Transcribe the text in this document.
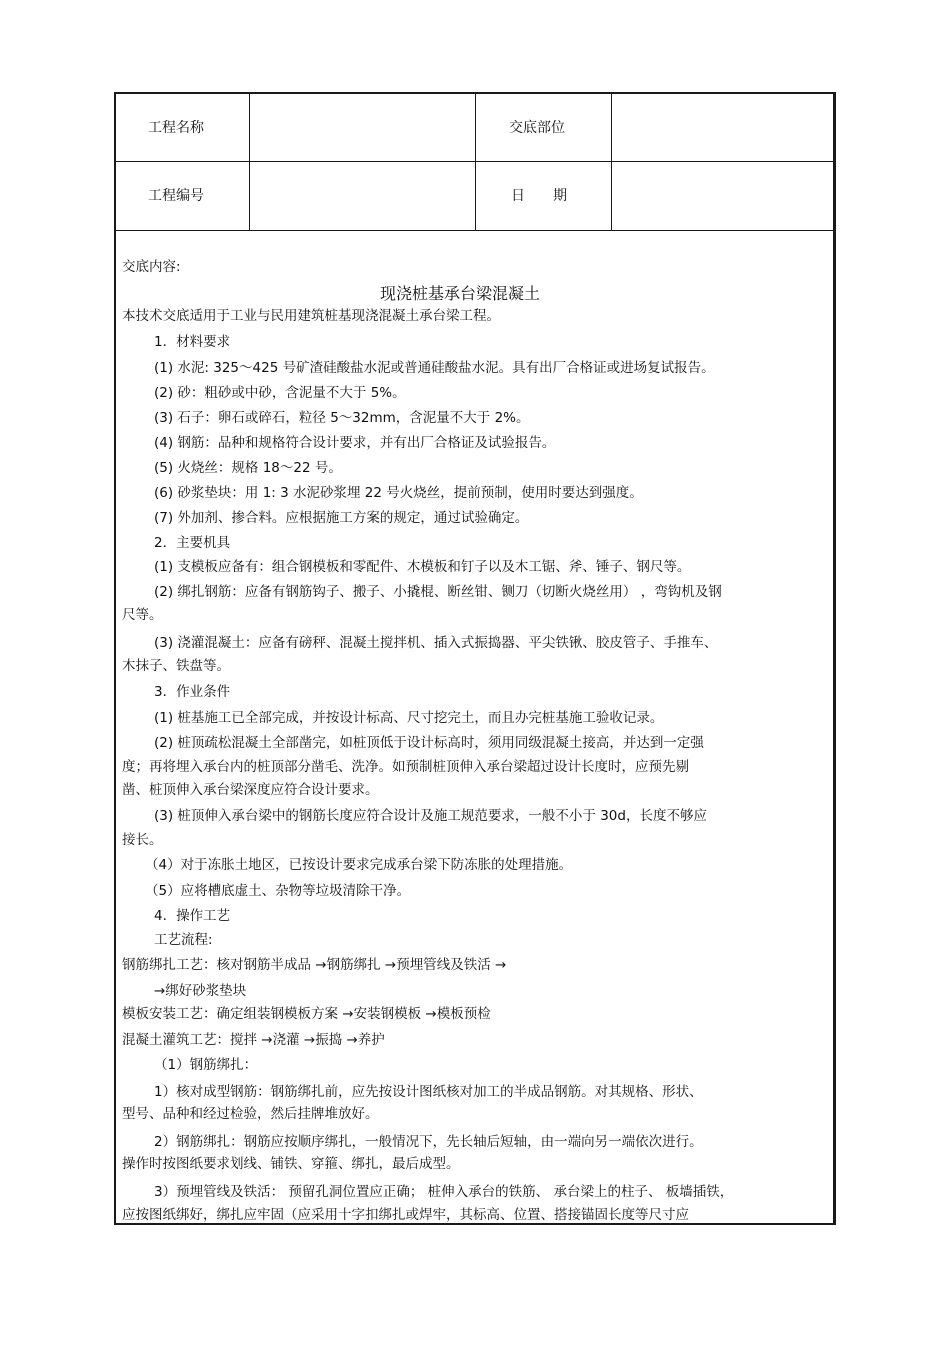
工程名称	交底部位
工程编号	日　　期
交底内容:
现浇桩基承台梁混凝土
本技术交底适用于工业与民用建筑桩基现浇混凝土承台梁工程。
1．材料要求
(1) 水泥: 325～425 号矿渣硅酸盐水泥或普通硅酸盐水泥。具有出厂合格证或进场复试报告。
(2) 砂：粗砂或中砂，含泥量不大于 5%。
(3) 石子：卵石或碎石，粒径 5～32mm，含泥量不大于 2%。
(4) 钢筋：品种和规格符合设计要求，并有出厂合格证及试验报告。
(5) 火烧丝：规格 18～22 号。
(6) 砂浆垫块：用 1: 3 水泥砂浆埋 22 号火烧丝，提前预制，使用时要达到强度。
(7) 外加剂、掺合料。应根据施工方案的规定，通过试验确定。
2．主要机具
(1) 支模板应备有：组合钢模板和零配件、木模板和钉子以及木工锯、斧、锤子、钢尺等。
(2) 绑扎钢筋：应备有钢筋钩子、搬子、小撬棍、断丝钳、铡刀（切断火烧丝用） ，弯钩机及钢
尺等。
(3) 浇灌混凝土：应备有磅秤、混凝土搅拌机、插入式振捣器、平尖铁锹、胶皮管子、手推车、
木抹子、铁盘等。
3．作业条件
(1) 桩基施工已全部完成，并按设计标高、尺寸挖完土，而且办完桩基施工验收记录。
(2) 桩顶疏松混凝土全部凿完，如桩顶低于设计标高时，须用同级混凝土接高，并达到一定强
度；再将埋入承台内的桩顶部分凿毛、洗净。如预制桩顶伸入承台梁超过设计长度时，应预先剔
凿、桩顶伸入承台梁深度应符合设计要求。
(3) 桩顶伸入承台梁中的钢筋长度应符合设计及施工规范要求，一般不小于 30d，长度不够应
接长。
（4）对于冻胀土地区，已按设计要求完成承台梁下防冻胀的处理措施。
（5）应将槽底虚土、杂物等垃圾清除干净。
4．操作工艺
工艺流程:
钢筋绑扎工艺：核对钢筋半成品 →钢筋绑扎 →预埋管线及铁活 →
→绑好砂浆垫块
模板安装工艺：确定组装钢模板方案 →安装钢模板 →模板预检
混凝土灌筑工艺：搅拌 →浇灌 →振捣 →养护
（1）钢筋绑扎：
1）核对成型钢筋：钢筋绑扎前，应先按设计图纸核对加工的半成品钢筋。对其规格、形状、
型号、品种和经过检验，然后挂牌堆放好。
2）钢筋绑扎：钢筋应按顺序绑扎，一般情况下，先长轴后短轴，由一端向另一端依次进行。
操作时按图纸要求划线、铺铁、穿箍、绑扎，最后成型。
3）预埋管线及铁活： 预留孔洞位置应正确； 桩伸入承台的铁筋、 承台梁上的柱子、 板墙插铁，
应按图纸绑好，绑扎应牢固（应采用十字扣绑扎或焊牢，其标高、位置、搭接锚固长度等尺寸应
